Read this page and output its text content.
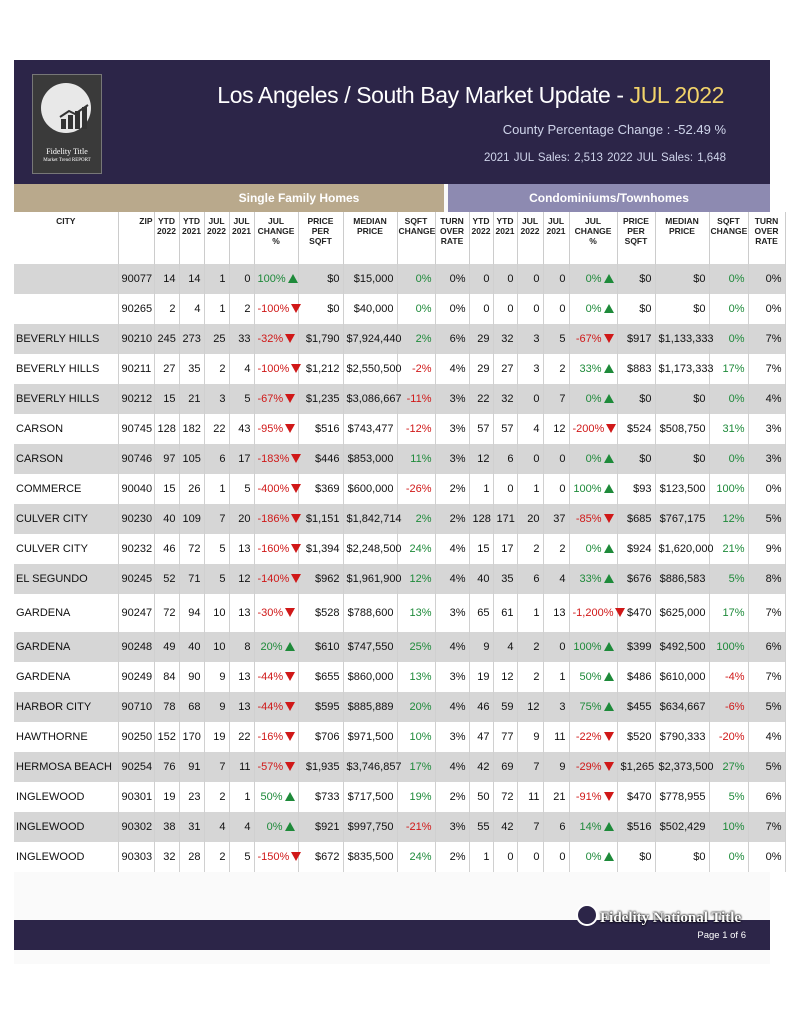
Fidelity Title
Market Trend REPORT
Los Angeles / South Bay Market Update - JUL 2022
County Percentage Change : -52.49 %
2021 JUL Sales: 2,513 2022 JUL Sales: 1,648
Single Family Homes	Condominiums/Townhomes
CITY	ZIP	YTD 2022	YTD 2021	JUL 2022	JUL 2021	JUL CHANGE %	PRICE PER SQFT	MEDIAN PRICE	SQFT CHANGE	TURN OVER RATE	YTD 2022	YTD 2021	JUL 2022	JUL 2021	JUL CHANGE %	PRICE PER SQFT	MEDIAN PRICE	SQFT CHANGE	TURN OVER RATE
	90077	14	14	1	0	100%	$0	$15,000	0%	0%	0	0	0	0	0%	$0	$0	0%	0%
	90265	2	4	1	2	-100%	$0	$40,000	0%	0%	0	0	0	0	0%	$0	$0	0%	0%
BEVERLY HILLS	90210	245	273	25	33	-32%	$1,790	$7,924,440	2%	6%	29	32	3	5	-67%	$917	$1,133,333	0%	7%
BEVERLY HILLS	90211	27	35	2	4	-100%	$1,212	$2,550,500	-2%	4%	29	27	3	2	33%	$883	$1,173,333	17%	7%
BEVERLY HILLS	90212	15	21	3	5	-67%	$1,235	$3,086,667	-11%	3%	22	32	0	7	0%	$0	$0	0%	4%
CARSON	90745	128	182	22	43	-95%	$516	$743,477	-12%	3%	57	57	4	12	-200%	$524	$508,750	31%	3%
CARSON	90746	97	105	6	17	-183%	$446	$853,000	11%	3%	12	6	0	0	0%	$0	$0	0%	3%
COMMERCE	90040	15	26	1	5	-400%	$369	$600,000	-26%	2%	1	0	1	0	100%	$93	$123,500	100%	0%
CULVER CITY	90230	40	109	7	20	-186%	$1,151	$1,842,714	2%	2%	128	171	20	37	-85%	$685	$767,175	12%	5%
CULVER CITY	90232	46	72	5	13	-160%	$1,394	$2,248,500	24%	4%	15	17	2	2	0%	$924	$1,620,000	21%	9%
EL SEGUNDO	90245	52	71	5	12	-140%	$962	$1,961,900	12%	4%	40	35	6	4	33%	$676	$886,583	5%	8%
GARDENA	90247	72	94	10	13	-30%	$528	$788,600	13%	3%	65	61	1	13	-1,200%	$470	$625,000	17%	7%
GARDENA	90248	49	40	10	8	20%	$610	$747,550	25%	4%	9	4	2	0	100%	$399	$492,500	100%	6%
GARDENA	90249	84	90	9	13	-44%	$655	$860,000	13%	3%	19	12	2	1	50%	$486	$610,000	-4%	7%
HARBOR CITY	90710	78	68	9	13	-44%	$595	$885,889	20%	4%	46	59	12	3	75%	$455	$634,667	-6%	5%
HAWTHORNE	90250	152	170	19	22	-16%	$706	$971,500	10%	3%	47	77	9	11	-22%	$520	$790,333	-20%	4%
HERMOSA BEACH	90254	76	91	7	11	-57%	$1,935	$3,746,857	17%	4%	42	69	7	9	-29%	$1,265	$2,373,500	27%	5%
INGLEWOOD	90301	19	23	2	1	50%	$733	$717,500	19%	2%	50	72	11	21	-91%	$470	$778,955	5%	6%
INGLEWOOD	90302	38	31	4	4	0%	$921	$997,750	-21%	3%	55	42	7	6	14%	$516	$502,429	10%	7%
INGLEWOOD	90303	32	28	2	5	-150%	$672	$835,500	24%	2%	1	0	0	0	0%	$0	$0	0%	0%
Fidelity National Title
Page 1 of 6
